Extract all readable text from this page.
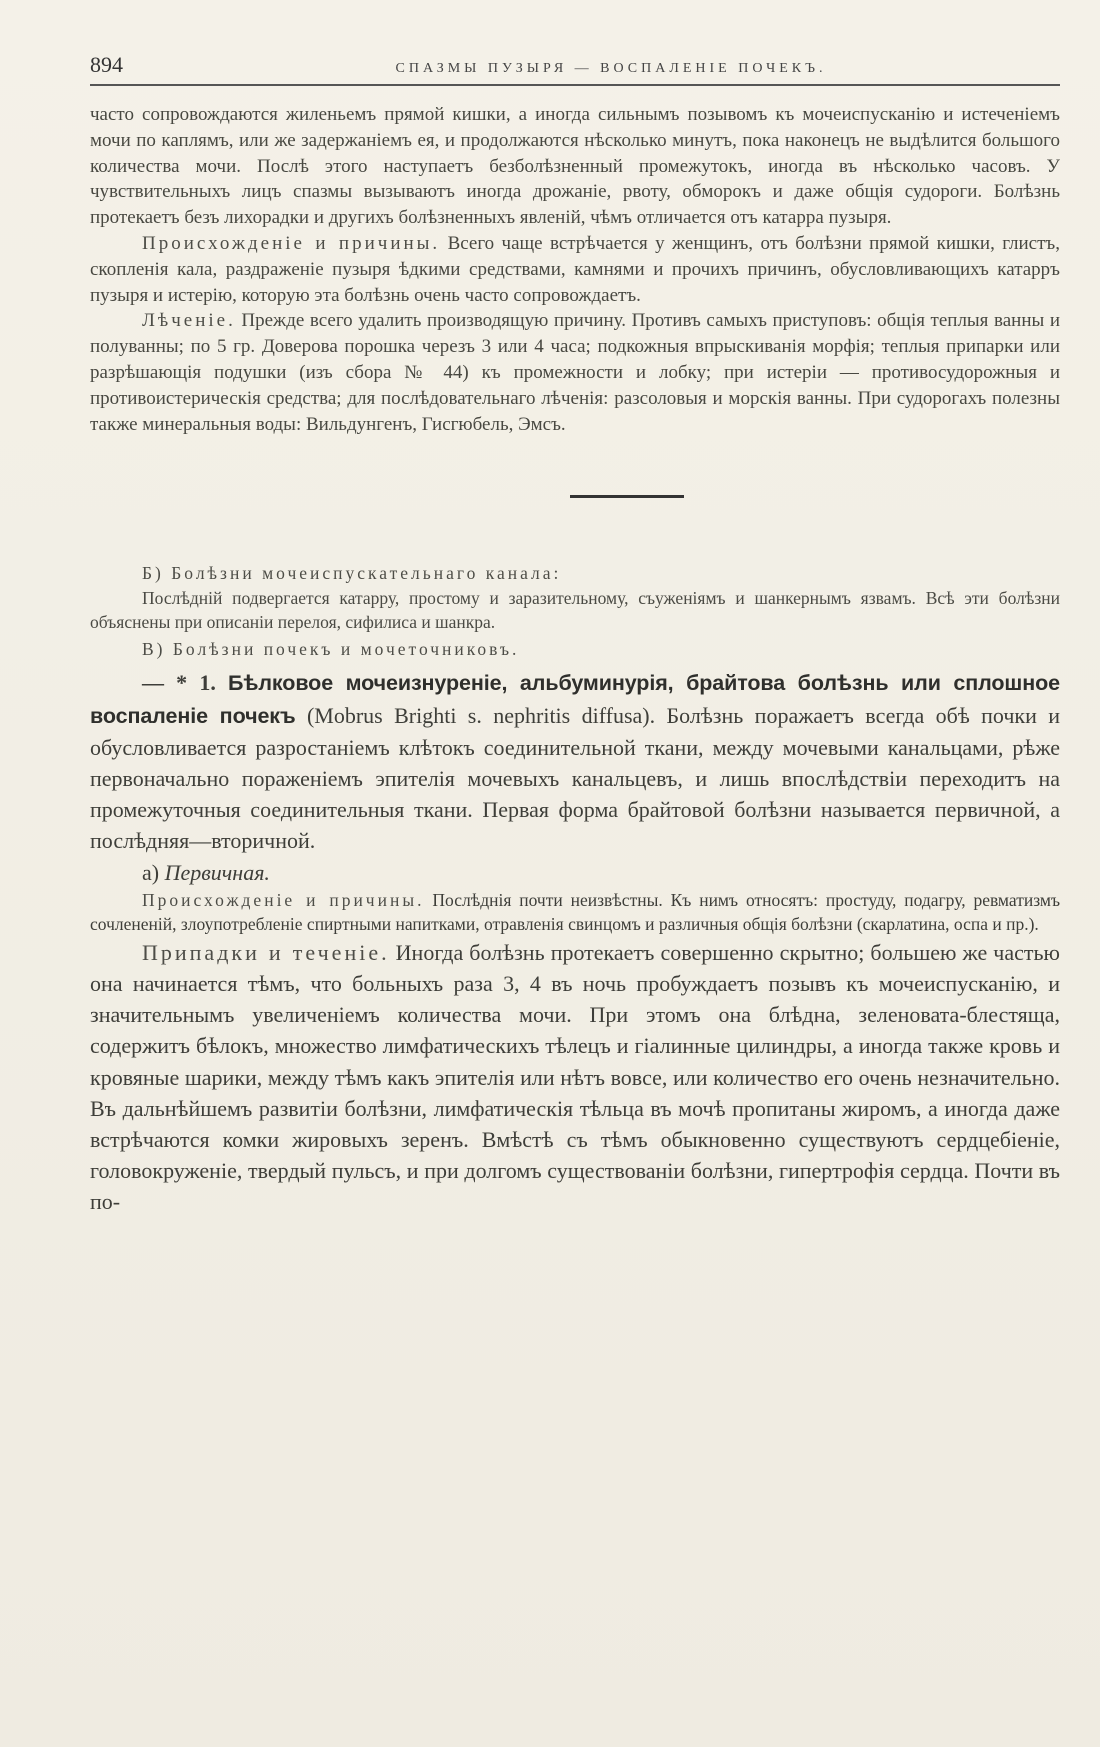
894	СПАЗМЫ ПУЗЫРЯ — ВОСПАЛЕНІЕ ПОЧЕКЪ.

часто сопровождаются жиленьемъ прямой кишки, а иногда сильнымъ позывомъ къ мочеиспусканію и истеченіемъ мочи по каплямъ, или же задержаніемъ ея, и продолжаются нѣсколько минутъ, пока наконецъ не выдѣлится большого количества мочи. Послѣ этого наступаетъ безболѣзненный промежутокъ, иногда въ нѣсколько часовъ. У чувствительныхъ лицъ спазмы вызываютъ иногда дрожаніе, рвоту, обморокъ и даже общія судороги. Болѣзнь протекаетъ безъ лихорадки и другихъ болѣзненныхъ явленій, чѣмъ отличается отъ катарра пузыря.

Происхожденіе и причины. Всего чаще встрѣчается у женщинъ, отъ болѣзни прямой кишки, глистъ, скопленія кала, раздраженіе пузыря ѣдкими средствами, камнями и прочихъ причинъ, обусловливающихъ катарръ пузыря и истерію, которую эта болѣзнь очень часто сопровождаетъ.

Лѣченіе. Прежде всего удалить производящую причину. Противъ самыхъ приступовъ: общія теплыя ванны и полуванны; по 5 гр. Доверова порошка черезъ 3 или 4 часа; подкожныя впрыскиванія морфія; теплыя припарки или разрѣшающія подушки (изъ сбора № 44) къ промежности и лобку; при истеріи — противосудорожныя и противоистерическія средства; для послѣдовательнаго лѣченія: разсоловыя и морскія ванны. При судорогахъ полезны также минеральныя воды: Вильдунгенъ, Гисгюбель, Эмсъ.

Б) Болѣзни мочеиспускательнаго канала:

Послѣдній подвергается катарру, простому и заразительному, съуженіямъ и шанкернымъ язвамъ. Всѣ эти болѣзни объяснены при описаніи перелоя, сифилиса и шанкра.

В) Болѣзни почекъ и мочеточниковъ.

— * 1. Бѣлковое мочеизнуреніе, альбуминурія, брайтова болѣзнь или сплошное воспаленіе почекъ (Mobrus Brighti s. nephritis diffusa). Болѣзнь поражаетъ всегда обѣ почки и обусловливается разростаніемъ клѣтокъ соединительной ткани, между мочевыми канальцами, рѣже первоначально пораженіемъ эпителія мочевыхъ канальцевъ, и лишь впослѣдствіи переходитъ на промежуточныя соединительныя ткани. Первая форма брайтовой болѣзни называется первичной, а послѣдняя—вторичной.

а) Первичная.

Происхожденіе и причины. Послѣднія почти неизвѣстны. Къ нимъ относятъ: простуду, подагру, ревматизмъ сочлененій, злоупотребленіе спиртными напитками, отравленія свинцомъ и различныя общія болѣзни (скарлатина, оспа и пр.).

Припадки и теченіе. Иногда болѣзнь протекаетъ совершенно скрытно; большею же частью она начинается тѣмъ, что больныхъ раза 3, 4 въ ночь пробуждаетъ позывъ къ мочеиспусканію, и значительнымъ увеличеніемъ количества мочи. При этомъ она блѣдна, зеленовата-блестяща, содержитъ бѣлокъ, множество лимфатическихъ тѣлецъ и гіалинные цилиндры, а иногда также кровь и кровяные шарики, между тѣмъ какъ эпителія или нѣтъ вовсе, или количество его очень незначительно. Въ дальнѣйшемъ развитіи болѣзни, лимфатическія тѣльца въ мочѣ пропитаны жиромъ, а иногда даже встрѣчаются комки жировыхъ зеренъ. Вмѣстѣ съ тѣмъ обыкновенно существуютъ сердцебіеніе, головокруженіе, твердый пульсъ, и при долгомъ существованіи болѣзни, гипертрофія сердца. Почти въ по-
